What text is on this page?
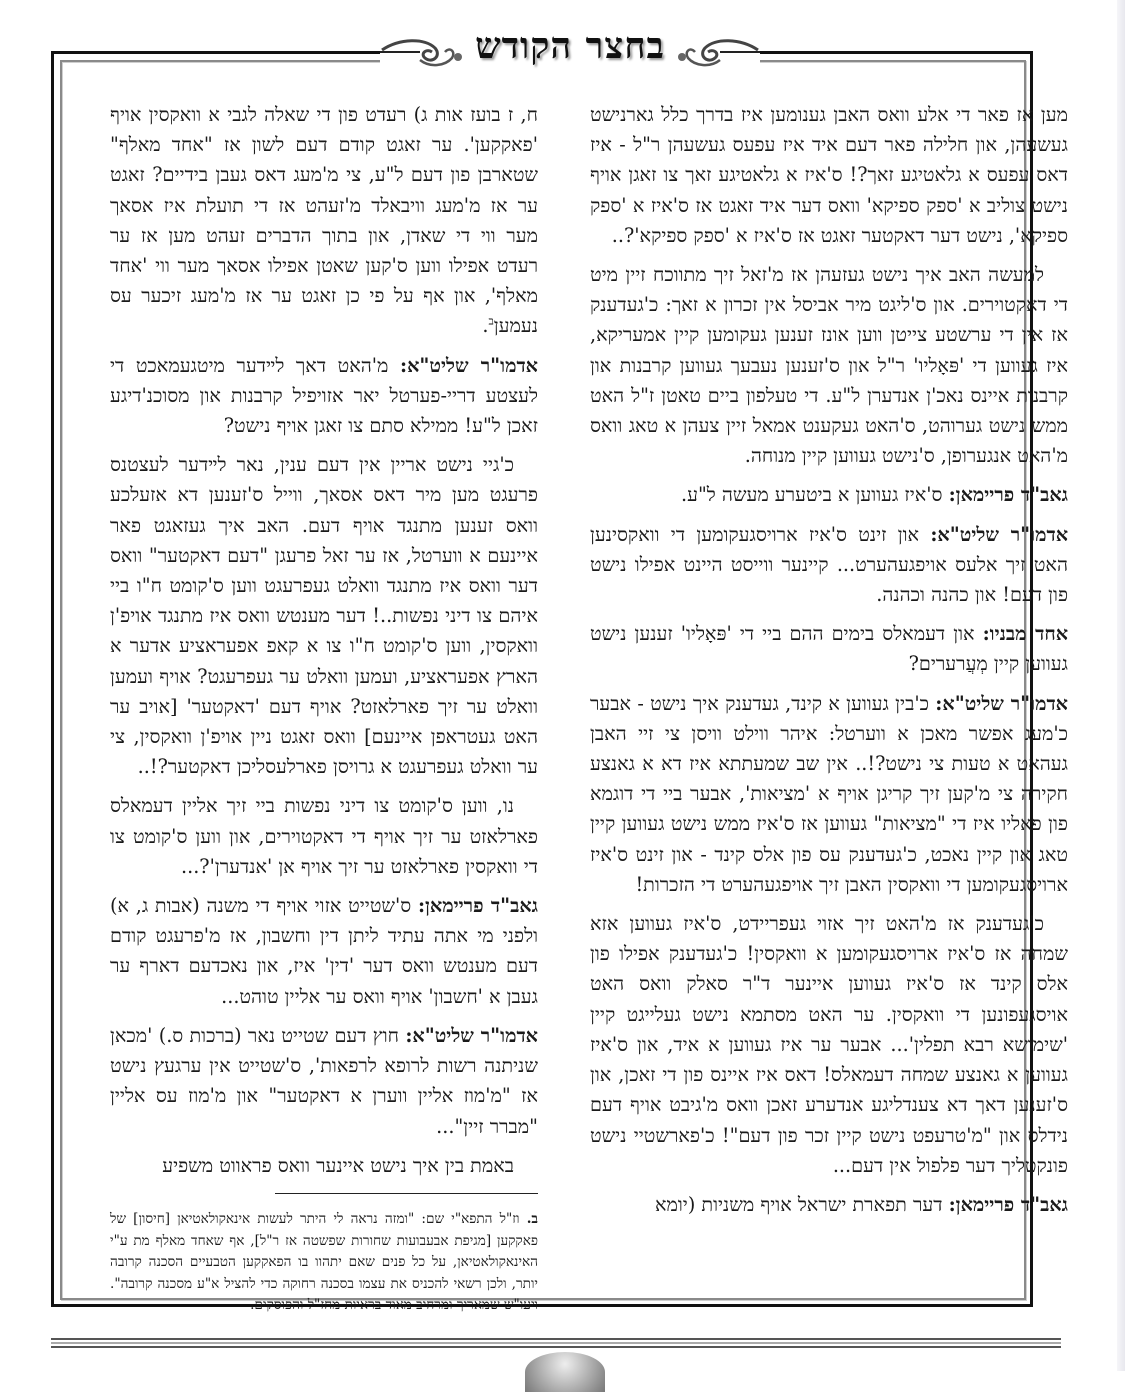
בחצר הקודש

מען אז פאר די אלע וואס האבן גענומען איז בדרך כלל גארנישט געשעהן, און חלילה פאר דעם איד איז עפעס געשעהן ר"ל - איז דאס עפעס א גלאטיגע זאך?! ס'איז א גלאטיגע זאך צו זאגן אויף נישט צוליב א 'ספק ספיקא' וואס דער איד זאגט אז ס'איז א 'ספק ספיקא', נישט דער דאקטער זאגט אז ס'איז א 'ספק ספיקא'?..

למעשה האב איך נישט געזעהן אז מ'זאל זיך מתווכח זיין מיט די דאקטוירים. און ס'ליגט מיר אביסל אין זכרון א זאך: כ'געדענק אז אין די ערשטע צייטן ווען אונז זענען געקומען קיין אמעריקא, איז געווען די 'פּאָליו' ר"ל און ס'זענען נעבעך געווען קרבנות און קרבנות איינס נאכ'ן אנדערן ל"ע. די טעלפון ביים טאטן ז"ל האט ממש נישט גערוהט, ס'האט געקענט אמאל זיין צעהן א טאג וואס מ'האט אנגערופן, ס'נישט געווען קיין מנוחה.

גאב"ד פריימאן: ס'איז געווען א ביטערע מעשה ל"ע.

אדמו"ר שליט"א: און זינט ס'איז ארויסגעקומען די וואקסינען האט זיך אלעס אויפגעהערט... קיינער ווייסט היינט אפילו נישט פון דעם! און כהנה וכהנה.

אחד מבניו: און דעמאלס בימים ההם ביי די 'פּאָליו' זענען נישט געווען קיין מְעֲרערים?

אדמו"ר שליט"א: כ'בין געווען א קינד, געדענק איך נישט - אבער כ'מעג אפשר מאכן א ווערטל: איהר ווילט וויסן צי זיי האבן געהאט א טעות צי נישט?!.. אין שב שמעתתא איז דא א גאנצע חקירה צי מ'קען זיך קריגן אויף א 'מציאות', אבער ביי די דוגמא פון פאליו איז די "מציאות" געווען אז ס'איז ממש נישט געווען קיין טאג און קיין נאכט, כ'געדענק עס פון אלס קינד - און זינט ס'איז ארויסגעקומען די וואקסין האבן זיך אויפגעהערט די הזכרות!

כ'געדענק אז מ'האט זיך אזוי געפריידט, ס'איז געווען אזא שמחה אז ס'איז ארויסגעקומען א וואקסין! כ'געדענק אפילו פון אלס קינד אז ס'איז געווען איינער ד"ר סאלק וואס האט אויסגעפונען די וואקסין. ער האט מסתמא נישט געלייגט קיין 'שימושא רבא תפלין'... אבער ער איז געווען א איד, און ס'איז געווען א גאנצע שמחה דעמאלס! דאס איז איינס פון די זאכן, און ס'זענען דאך דא צענדליגע אנדערע זאכן וואס מ'גיבט אויף דעם נידלס און "מ'טרעפט נישט קיין זכר פון דעם"! כ'פארשטיי נישט פונקטליך דער פלפול אין דעם...

גאב"ד פריימאן: דער תפארת ישראל אויף משניות (יומא

ח, ז בועז אות ג) רעדט פון די שאלה לגבי א וואקסין אויף 'פאקקען'. ער זאגט קודם דעם לשון אז "אחד מאלף" שטארבן פון דעם ל"ע, צי מ'מעג דאס געבן בידיים? זאגט ער אז מ'מעג וויבאלד מ'זעהט אז די תועלת איז אסאך מער ווי די שאדן, און בתוך הדברים זעהט מען אז ער רעדט אפילו ווען ס'קען שאטן אפילו אסאך מער ווי 'אחד מאלף', און אף על פי כן זאגט ער אז מ'מעג זיכער עס נעמען$^ב$.

אדמו"ר שליט"א: מ'האט דאך לײדער מיטגעמאכט די לעצטע דריי-פערטל יאר אזויפיל קרבנות און מסוכנ'דיגע זאכן ל"ע! ממילא סתם צו זאגן אויף נישט?

כ'גיי נישט אריין אין דעם ענין, נאר לײדער לעצטנס פרעגט מען מיר דאס אסאך, ווייל ס'זענען דא אזעלכע וואס זענען מתנגד אויף דעם. האב איך געזאגט פאר איינעם א ווערטל, אז ער זאל פרעגן "דעם דאקטער" וואס דער וואס איז מתנגד וואלט געפרעגט ווען ס'קומט ח"ו ביי איהם צו דיני נפשות..! דער מענטש וואס איז מתנגד אויפ'ן וואקסין, ווען ס'קומט ח"ו צו א קאפ אפעראציע אדער א הארץ אפעראציע, ועמען וואלט ער געפרעגט? אויף ועמען וואלט ער זיך פארלאזט? אויף דעם 'דאקטער' [אויב ער האט געטראפן איינעם] וואס זאגט ניין אויפ'ן וואקסין, צי ער וואלט געפרעגט א גרויסן פארלעסליכן דאקטער?!..

נו, ווען ס'קומט צו דיני נפשות ביי זיך אליין דעמאלס פארלאזט ער זיך אויף די דאקטוירים, און ווען ס'קומט צו די וואקסין פארלאזט ער זיך אויף אן 'אנדערן'?...

גאב"ד פריימאן: ס'שטייט אזוי אויף די משנה (אבות ג, א) ולפני מי אתה עתיד ליתן דין וחשבון, אז מ'פרעגט קודם דעם מענטש וואס דער 'דין' איז, און נאכדעם דארף ער געבן א 'חשבון' אויף וואס ער אליין טוהט...

אדמו"ר שליט"א: חוץ דעם שטייט נאר (ברכות ס.) 'מכאן שניתנה רשות לרופא לרפאות', ס'שטייט אין ערגעץ נישט אז "מ'מוז אליין ווערן א דאקטער" און מ'מוז עס אליין "מברר זיין"...

באמת בין איך נישט איינער וואס פראווט משפיע

ב. וז"ל התפא"י שם: "ומזה נראה לי היתר לעשות אינאקולאטיאן [חיסון] של פאקקען [מגיפת אבעבועות שחורות שפשטה אז ר"ל], אף שאחד מאלף מת ע"י האינאקולאטיאן, על כל פנים שאם יתהוו בו הפאקקען הטבעיים הסכנה קרובה יותר, ולכן רשאי להכניס את עצמו בסכנה רחוקה כדי להציל א"ע מסכנה קרובה". ויעו"ש שמאריך ומרחיב מאוד בראיות מחז"ל והפוסקים.
